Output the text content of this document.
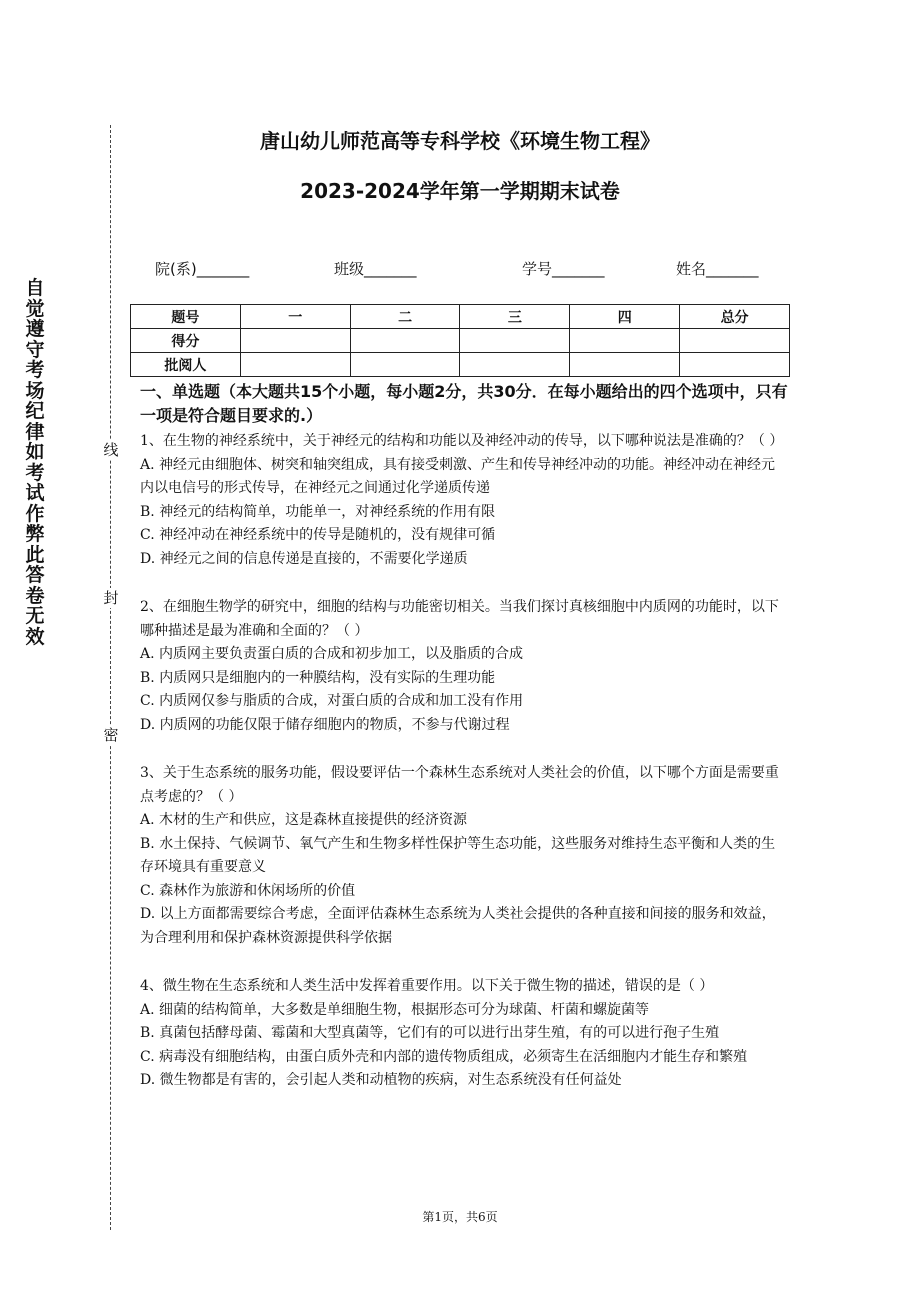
自觉遵守考场纪律如考试作弊此答卷无效
线
封
密
唐山幼儿师范高等专科学校《环境生物工程》
2023-2024学年第一学期期末试卷
院(系)_______	班级_______	学号_______	姓名_______
题号	一	二	三	四	总分
得分					
批阅人					
一、单选题（本大题共15个小题，每小题2分，共30分．在每小题给出的四个选项中，只有一项是符合题目要求的.）

1、在生物的神经系统中，关于神经元的结构和功能以及神经冲动的传导，以下哪种说法是准确的？（ ）

A. 神经元由细胞体、树突和轴突组成，具有接受刺激、产生和传导神经冲动的功能。神经冲动在神经元内以电信号的形式传导，在神经元之间通过化学递质传递

B. 神经元的结构简单，功能单一，对神经系统的作用有限

C. 神经冲动在神经系统中的传导是随机的，没有规律可循

D. 神经元之间的信息传递是直接的，不需要化学递质

2、在细胞生物学的研究中，细胞的结构与功能密切相关。当我们探讨真核细胞中内质网的功能时，以下哪种描述是最为准确和全面的？（ ）

A. 内质网主要负责蛋白质的合成和初步加工，以及脂质的合成

B. 内质网只是细胞内的一种膜结构，没有实际的生理功能

C. 内质网仅参与脂质的合成，对蛋白质的合成和加工没有作用

D. 内质网的功能仅限于储存细胞内的物质，不参与代谢过程

3、关于生态系统的服务功能，假设要评估一个森林生态系统对人类社会的价值，以下哪个方面是需要重点考虑的？（ ）

A. 木材的生产和供应，这是森林直接提供的经济资源

B. 水土保持、气候调节、氧气产生和生物多样性保护等生态功能，这些服务对维持生态平衡和人类的生存环境具有重要意义

C. 森林作为旅游和休闲场所的价值

D. 以上方面都需要综合考虑，全面评估森林生态系统为人类社会提供的各种直接和间接的服务和效益，为合理利用和保护森林资源提供科学依据

4、微生物在生态系统和人类生活中发挥着重要作用。以下关于微生物的描述，错误的是（ ）

A. 细菌的结构简单，大多数是单细胞生物，根据形态可分为球菌、杆菌和螺旋菌等

B. 真菌包括酵母菌、霉菌和大型真菌等，它们有的可以进行出芽生殖，有的可以进行孢子生殖

C. 病毒没有细胞结构，由蛋白质外壳和内部的遗传物质组成，必须寄生在活细胞内才能生存和繁殖

D. 微生物都是有害的，会引起人类和动植物的疾病，对生态系统没有任何益处

第1页，共6页
